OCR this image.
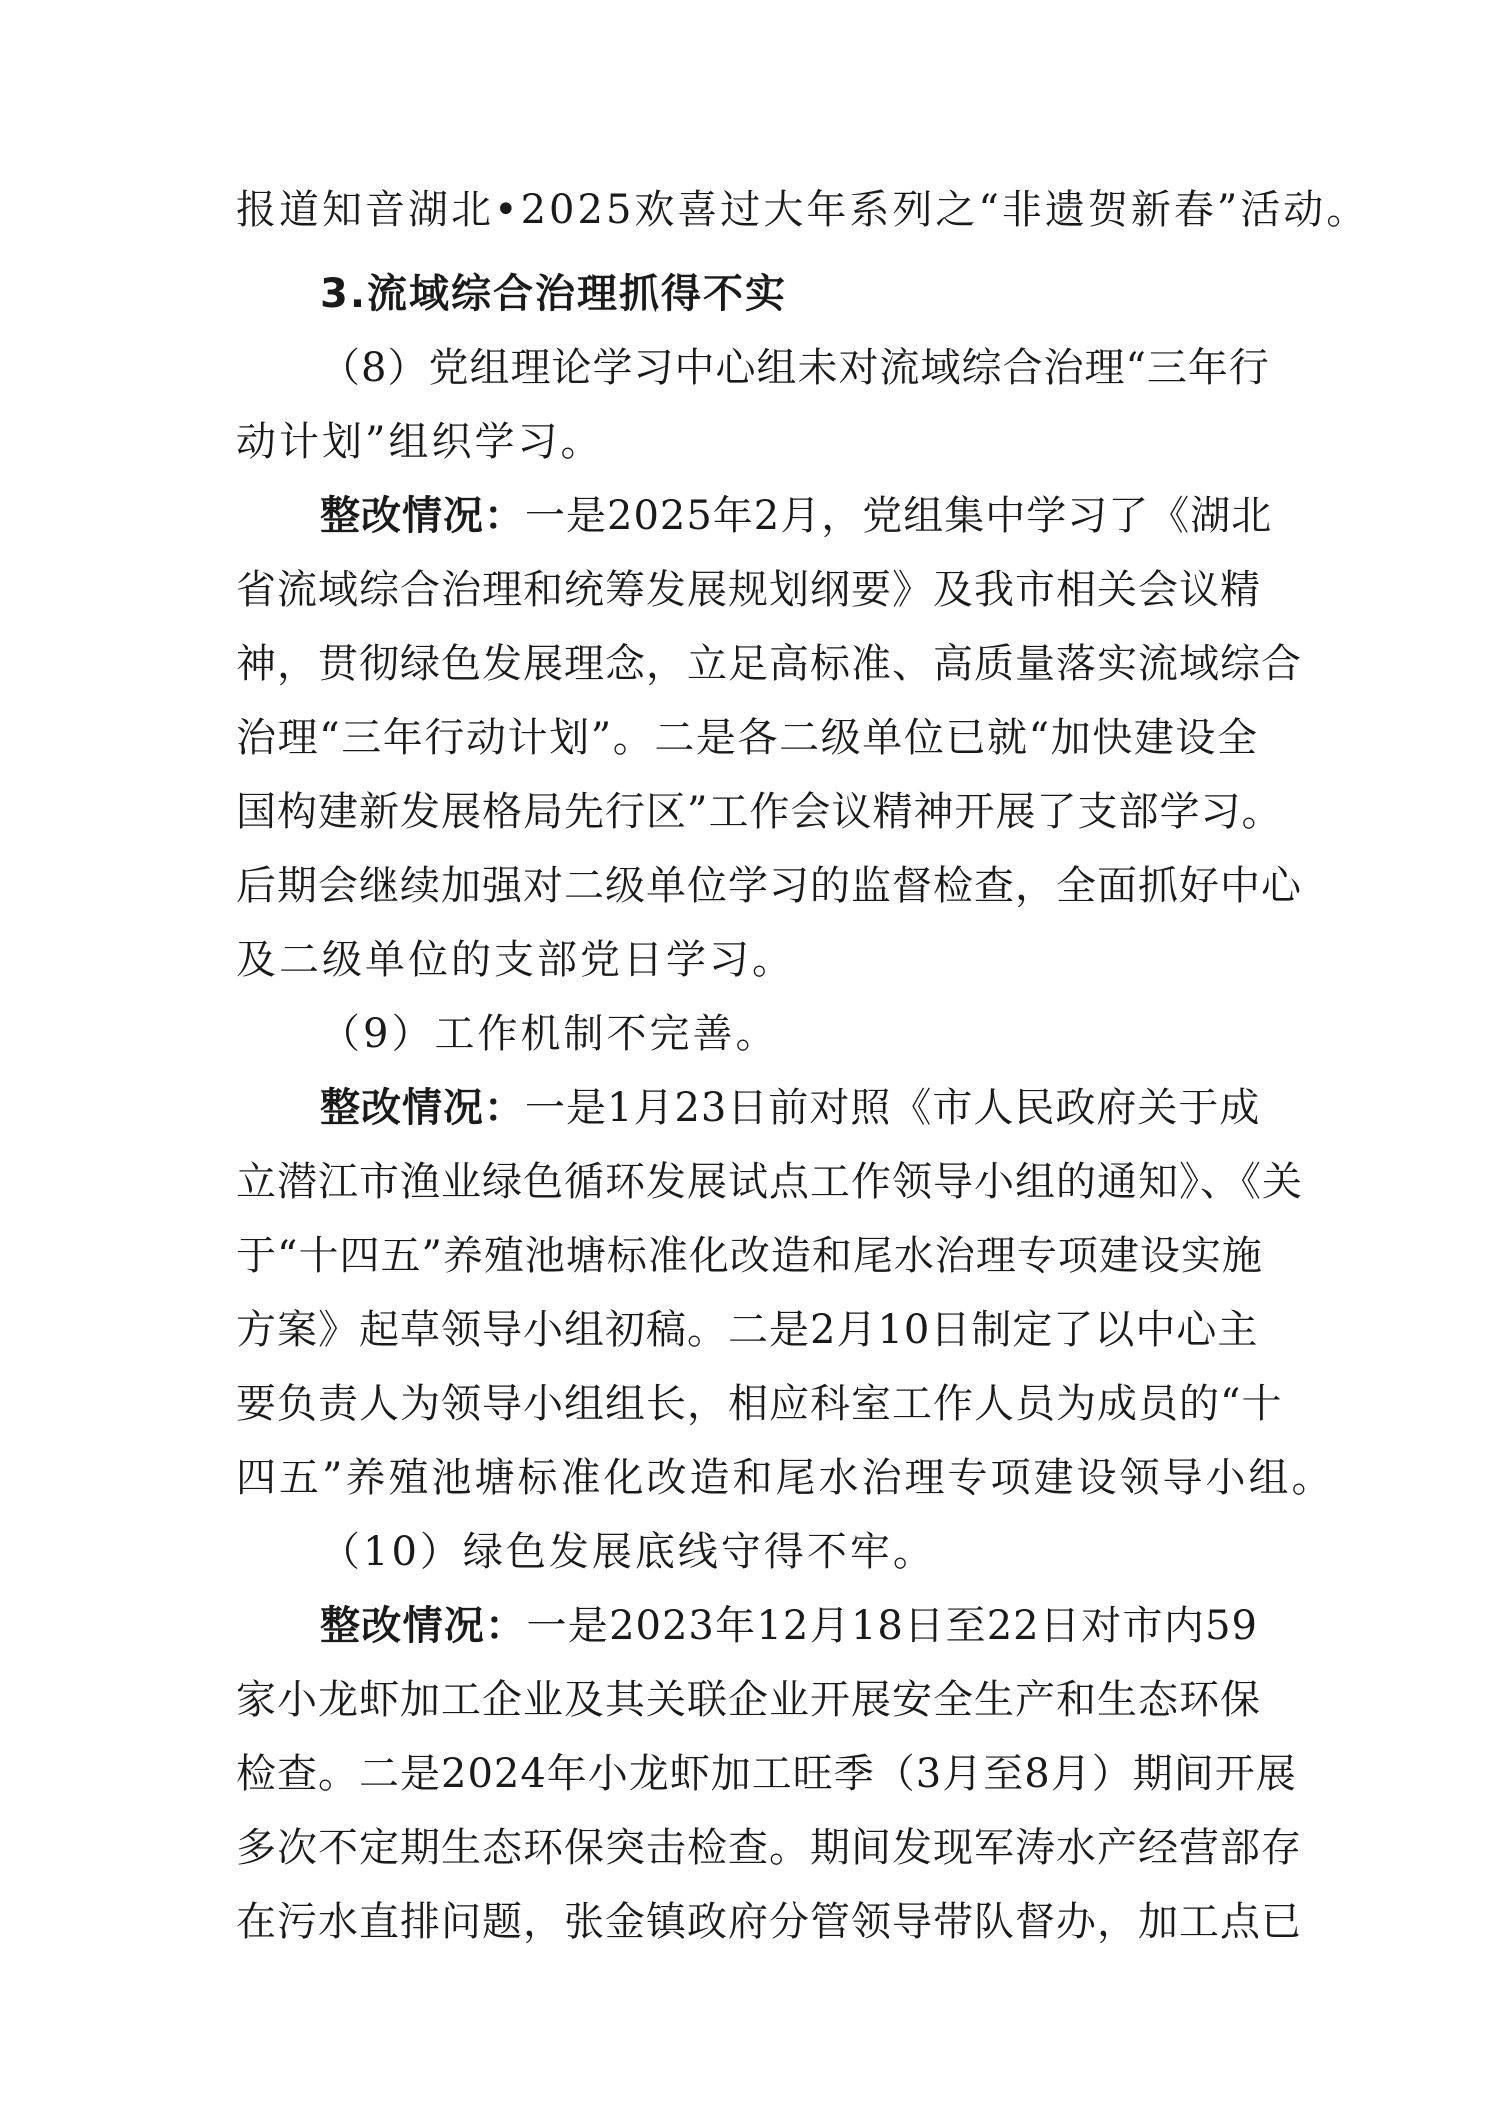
报道知音湖北•2025欢喜过大年系列之“非遗贺新春”活动。
3.流域综合治理抓得不实
（8）党组理论学习中心组未对流域综合治理“三年行
动计划”组织学习。
整改情况：一是2025年2月，党组集中学习了《湖北
省流域综合治理和统筹发展规划纲要》及我市相关会议精
神，贯彻绿色发展理念，立足高标准、高质量落实流域综合
治理“三年行动计划”。二是各二级单位已就“加快建设全
国构建新发展格局先行区”工作会议精神开展了支部学习。
后期会继续加强对二级单位学习的监督检查，全面抓好中心
及二级单位的支部党日学习。
（9）工作机制不完善。
整改情况：一是1月23日前对照《市人民政府关于成
立潜江市渔业绿色循环发展试点工作领导小组的通知》、《关
于“十四五”养殖池塘标准化改造和尾水治理专项建设实施
方案》起草领导小组初稿。二是2月10日制定了以中心主
要负责人为领导小组组长，相应科室工作人员为成员的“十
四五”养殖池塘标准化改造和尾水治理专项建设领导小组。
（10）绿色发展底线守得不牢。
整改情况：一是2023年12月18日至22日对市内59
家小龙虾加工企业及其关联企业开展安全生产和生态环保
检查。二是2024年小龙虾加工旺季（3月至8月）期间开展
多次不定期生态环保突击检查。期间发现军涛水产经营部存
在污水直排问题，张金镇政府分管领导带队督办，加工点已
